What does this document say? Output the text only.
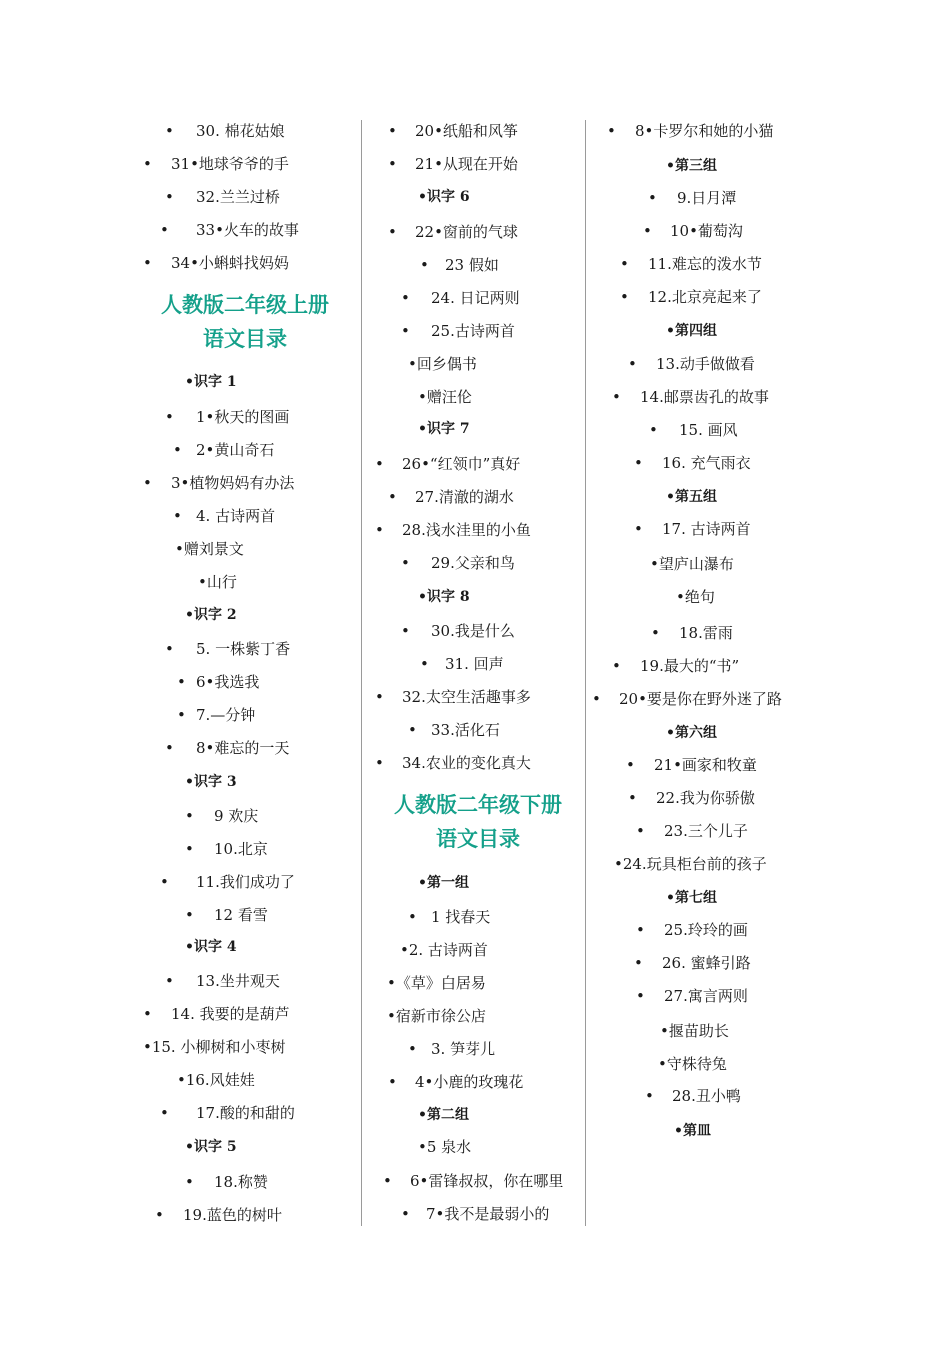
• 30. 棉花姑娘
• 31•地球爷爷的手
• 32.兰兰过桥
• 33•火车的故事
• 34•小蝌蚪找妈妈
人教版二年级上册
语文目录
•识字 1
• 1•秋天的图画
• 2•黄山奇石
• 3•植物妈妈有办法
• 4. 古诗两首
•赠刘景文
•山行
•识字 2
• 5. 一株紫丁香
• 6•我选我
• 7.—分钟
• 8•难忘的一天
•识字 3
• 9 欢庆
• 10.北京
• 11.我们成功了
• 12 看雪
•识字 4
• 13.坐井观天
• 14. 我要的是葫芦
•15. 小柳树和小枣树
•16.风娃娃
• 17.酸的和甜的
•识字 5
• 18.称赞
• 19.蓝色的树叶
• 20•纸船和风筝
• 21•从现在开始
•识字 6
• 22•窗前的气球
• 23 假如
• 24. 日记两则
• 25.古诗两首
•回乡偶书
•赠汪伦
•识字 7
• 26•“红领巾”真好
• 27.清澈的湖水
• 28.浅水洼里的小鱼
• 29.父亲和鸟
•识字 8
• 30.我是什么
• 31. 回声
• 32.太空生活趣事多
• 33.活化石
• 34.农业的变化真大
人教版二年级下册
语文目录
•第一组
• 1 找春天
•2. 古诗两首
•《草》白居易
•宿新市徐公店
• 3. 笋芽儿
• 4•小鹿的玫瑰花
•第二组
•5 泉水
• 6•雷锋叔叔，你在哪里
• 7•我不是最弱小的
• 8•卡罗尔和她的小猫
•第三组
• 9.日月潭
• 10•葡萄沟
• 11.难忘的泼水节
• 12.北京亮起来了
•第四组
• 13.动手做做看
• 14.邮票齿孔的故事
• 15. 画风
• 16. 充气雨衣
•第五组
• 17. 古诗两首
•望庐山瀑布
•绝句
• 18.雷雨
• 19.最大的“书”
• 20•要是你在野外迷了路
•第六组
• 21•画家和牧童
• 22.我为你骄傲
• 23.三个儿子
•24.玩具柜台前的孩子
•第七组
• 25.玲玲的画
• 26. 蜜蜂引路
• 27.寓言两则
•揠苗助长
•守株待兔
• 28.丑小鸭
•第皿
